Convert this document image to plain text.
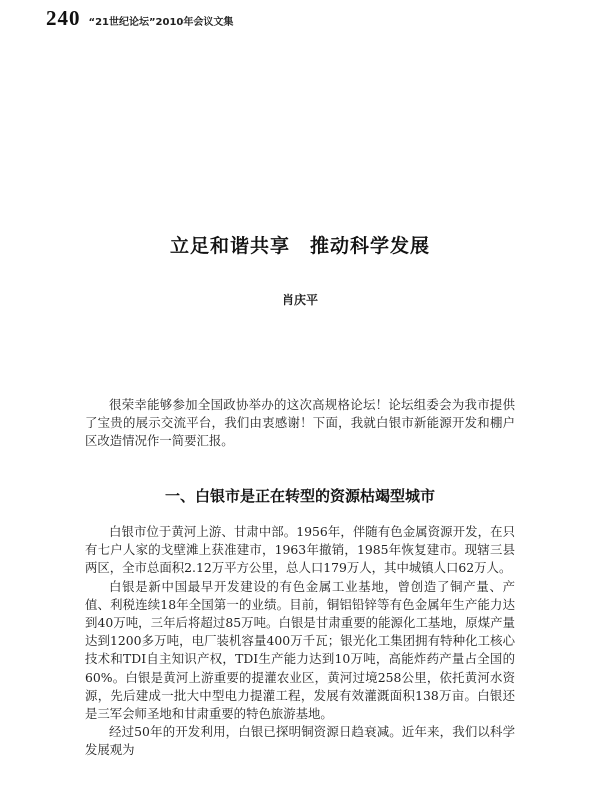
240 “21世纪论坛”2010年会议文集
立足和谐共享　推动科学发展
肖庆平

很荣幸能够参加全国政协举办的这次高规格论坛！论坛组委会为我市提供了宝贵的展示交流平台，我们由衷感谢！下面，我就白银市新能源开发和棚户区改造情况作一简要汇报。

一、白银市是正在转型的资源枯竭型城市

白银市位于黄河上游、甘肃中部。1956年，伴随有色金属资源开发，在只有七户人家的戈壁滩上获准建市，1963年撤销，1985年恢复建市。现辖三县两区，全市总面积2.12万平方公里，总人口179万人，其中城镇人口62万人。

白银是新中国最早开发建设的有色金属工业基地，曾创造了铜产量、产值、利税连续18年全国第一的业绩。目前，铜铝铅锌等有色金属年生产能力达到40万吨，三年后将超过85万吨。白银是甘肃重要的能源化工基地，原煤产量达到1200多万吨，电厂装机容量400万千瓦；银光化工集团拥有特种化工核心技术和TDI自主知识产权，TDI生产能力达到10万吨，高能炸药产量占全国的60%。白银是黄河上游重要的提灌农业区，黄河过境258公里，依托黄河水资源，先后建成一批大中型电力提灌工程，发展有效灌溉面积138万亩。白银还是三军会师圣地和甘肃重要的特色旅游基地。

经过50年的开发利用，白银已探明铜资源日趋衰减。近年来，我们以科学发展观为
